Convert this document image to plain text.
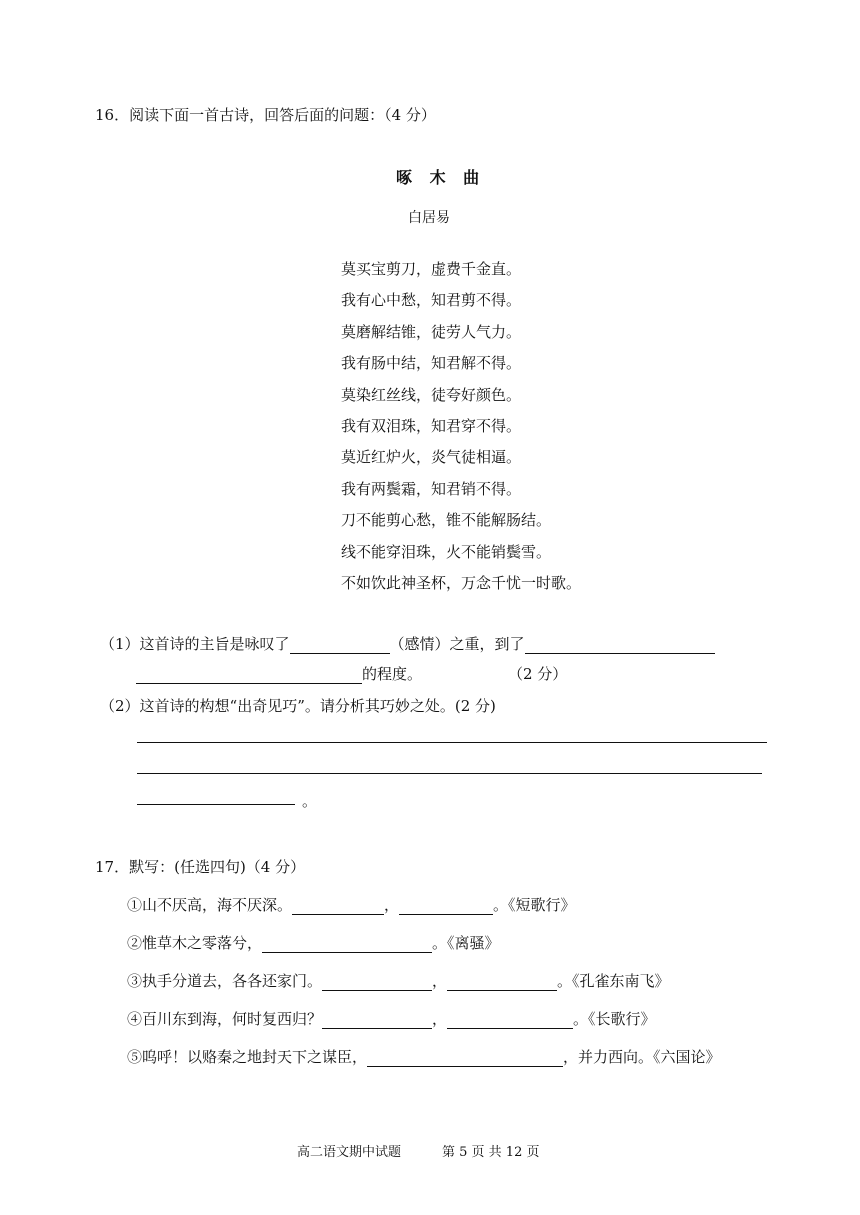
16．阅读下面一首古诗，回答后面的问题：（4 分）
啄 木 曲
白居易
莫买宝剪刀，虚费千金直。
我有心中愁，知君剪不得。
莫磨解结锥，徒劳人气力。
我有肠中结，知君解不得。
莫染红丝线，徒夸好颜色。
我有双泪珠，知君穿不得。
莫近红炉火，炎气徒相逼。
我有两鬓霜，知君销不得。
刀不能剪心愁，锥不能解肠结。
线不能穿泪珠，火不能销鬓雪。
不如饮此神圣杯，万念千忧一时歌。
（1）这首诗的主旨是咏叹了	（感情）之重，到了
的程度。	（2 分）
（2）这首诗的构想“出奇见巧”。请分析其巧妙之处。(2 分)
。
17．默写：(任选四句)（4 分）
①山不厌高，海不厌深。	，	。《短歌行》
②惟草木之零落兮，	。《离骚》
③执手分道去，各各还家门。	，	。《孔雀东南飞》
④百川东到海，何时复西归？	，	。《长歌行》
⑤呜呼！以赂秦之地封天下之谋臣，	，并力西向。《六国论》
高二语文期中试题	第 5 页 共 12 页
